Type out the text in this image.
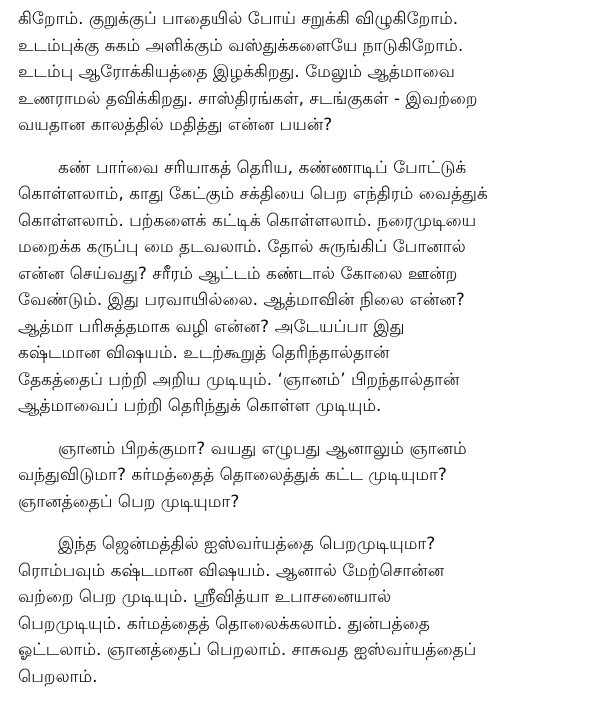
கிறோம். குறுக்குப் பாதையில் போய் சறுக்கி விழுகிறோம்.
உடம்புக்கு சுகம் அளிக்கும் வஸ்துக்களையே நாடுகிறோம்.
உடம்பு ஆரோக்கியத்தை இழக்கிறது. மேலும் ஆத்மாவை
உணராமல் தவிக்கிறது. சாஸ்திரங்கள், சடங்குகள் - இவற்றை
வயதான காலத்தில் மதித்து என்ன பயன்?
கண் பார்வை சரியாகத் தெரிய, கண்ணாடிப் போட்டுக்
கொள்ளலாம், காது கேட்கும் சக்தியை பெற எந்திரம் வைத்துக்
கொள்ளலாம். பற்களைக் கட்டிக் கொள்ளலாம். நரைமுடியை
மறைக்க கருப்பு மை தடவலாம். தோல் சுருங்கிப் போனால்
என்ன செய்வது? சரீரம் ஆட்டம் கண்டால் கோலை ஊன்ற
வேண்டும். இது பரவாயில்லை. ஆத்மாவின் நிலை என்ன?
ஆத்மா பரிசுத்தமாக வழி என்ன? அடேயப்பா இது
கஷ்டமான விஷயம். உடற்கூறுத் தெரிந்தால்தான்
தேகத்தைப் பற்றி அறிய முடியும். ‘ஞானம்’ பிறந்தால்தான்
ஆத்மாவைப் பற்றி தெரிந்துக் கொள்ள முடியும்.
ஞானம் பிறக்குமா? வயது எழுபது ஆனாலும் ஞானம்
வந்துவிடுமா? கர்மத்தைத் தொலைத்துக் கட்ட முடியுமா?
ஞானத்தைப் பெற முடியுமா?
இந்த ஜென்மத்தில் ஐஸ்வர்யத்தை பெறமுடியுமா?
ரொம்பவும் கஷ்டமான விஷயம். ஆனால் மேற்சொன்ன
வற்றை பெற முடியும். ஸ்ரீவித்யா உபாசனையால்
பெறமுடியும். கர்மத்தைத் தொலைக்கலாம். துன்பத்தை
ஓட்டலாம். ஞானத்தைப் பெறலாம். சாசுவத ஐஸ்வர்யத்தைப்
பெறலாம்.
